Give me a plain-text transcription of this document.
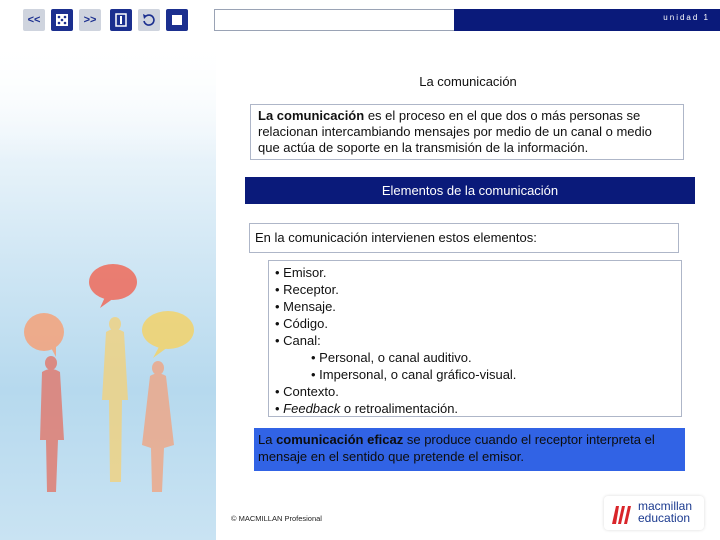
<<	>>	unidad 1
La comunicación
La comunicación es el proceso en el que dos o más personas se relacionan intercambiando mensajes por medio de un canal o medio que actúa de soporte en la transmisión de la información.
Elementos de la comunicación
En la comunicación intervienen estos elementos:
• Emisor.
• Receptor.
• Mensaje.
• Código.
• Canal:
• Personal, o canal auditivo.
• Impersonal, o canal gráfico-visual.
• Contexto.
• Feedback o retroalimentación.
La comunicación eficaz se produce cuando el receptor interpreta el mensaje en el sentido que pretende el emisor.
© MACMILLAN Profesional
macmillan
education
